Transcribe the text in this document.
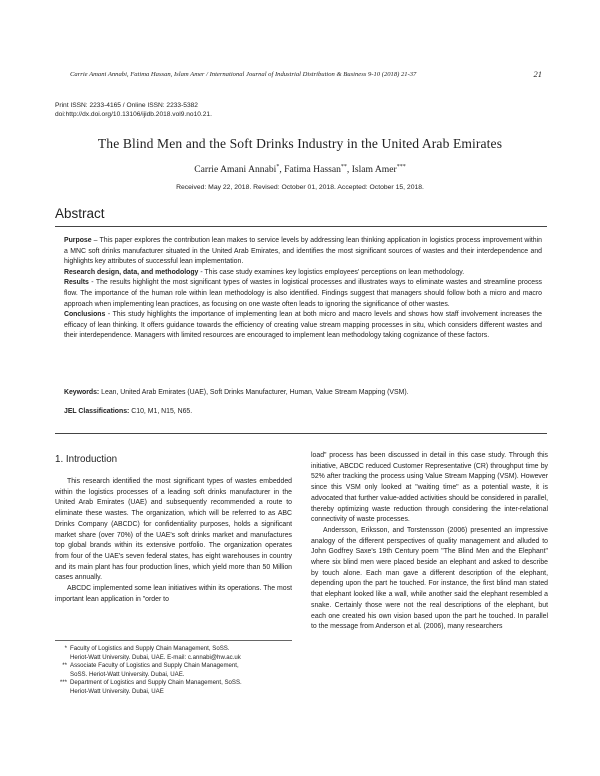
Carrie Amani Annabi, Fatima Hassan, Islam Amer / International Journal of Industrial Distribution & Business 9-10 (2018) 21-37	21
Print ISSN: 2233-4165 / Online ISSN: 2233-5382
doi:http://dx.doi.org/10.13106/ijidb.2018.vol9.no10.21.
The Blind Men and the Soft Drinks Industry in the United Arab Emirates
Carrie Amani Annabi*, Fatima Hassan**, Islam Amer***
Received: May 22, 2018. Revised: October 01, 2018. Accepted: October 15, 2018.
Abstract

Purpose – This paper explores the contribution lean makes to service levels by addressing lean thinking application in logistics process improvement within a MNC soft drinks manufacturer situated in the United Arab Emirates, and identifies the most significant sources of wastes and their interdependence and highlights key attributes of successful lean implementation.

Research design, data, and methodology - This case study examines key logistics employees' perceptions on lean methodology.

Results - The results highlight the most significant types of wastes in logistical processes and illustrates ways to eliminate wastes and streamline process flow. The importance of the human role within lean methodology is also identified. Findings suggest that managers should follow both a micro and macro approach when implementing lean practices, as focusing on one waste often leads to ignoring the significance of other wastes.

Conclusions - This study highlights the importance of implementing lean at both micro and macro levels and shows how staff involvement increases the efficacy of lean thinking. It offers guidance towards the efficiency of creating value stream mapping processes in situ, which considers different wastes and their interdependence. Managers with limited resources are encouraged to implement lean methodology taking cognizance of these factors.

Keywords: Lean, United Arab Emirates (UAE), Soft Drinks Manufacturer, Human, Value Stream Mapping (VSM).
JEL Classifications: C10, M1, N15, N65.
1. Introduction

This research identified the most significant types of wastes embedded within the logistics processes of a leading soft drinks manufacturer in the United Arab Emirates (UAE) and subsequently recommended a route to eliminate these wastes. The organization, which will be referred to as ABC Drinks Company (ABCDC) for confidentiality purposes, holds a significant market share (over 70%) of the UAE's soft drinks market and manufactures top global brands within its extensive portfolio. The organization operates from four of the UAE's seven federal states, has eight warehouses in country and its main plant has four production lines, which yield more than 50 Million cases annually.

ABCDC implemented some lean initiatives within its operations. The most important lean application in "order to

load" process has been discussed in detail in this case study. Through this initiative, ABCDC reduced Customer Representative (CR) throughput time by 52% after tracking the process using Value Stream Mapping (VSM). However since this VSM only looked at "waiting time" as a potential waste, it is advocated that further value-added activities should be considered in parallel, thereby optimizing waste reduction through considering the inter-relational connectivity of waste processes.

Andersson, Eriksson, and Torstensson (2006) presented an impressive analogy of the different perspectives of quality management and alluded to John Godfrey Saxe's 19th Century poem "The Blind Men and the Elephant" where six blind men were placed beside an elephant and asked to describe by touch alone. Each man gave a different description of the elephant, depending upon the part he touched. For instance, the first blind man stated that elephant looked like a wall, while another said the elephant resembled a snake. Certainly those were not the real descriptions of the elephant, but each one created his own vision based upon the part he touched. In parallel to the message from Anderson et al. (2006), many researchers

* Faculty of Logistics and Supply Chain Management, SoSS.
Heriot-Watt University. Dubai, UAE. E-mail: c.annabi@hw.ac.uk
** Associate Faculty of Logistics and Supply Chain Management,
SoSS. Heriot-Watt University. Dubai, UAE.
*** Department of Logistics and Supply Chain Management, SoSS.
Heriot-Watt University. Dubai, UAE
